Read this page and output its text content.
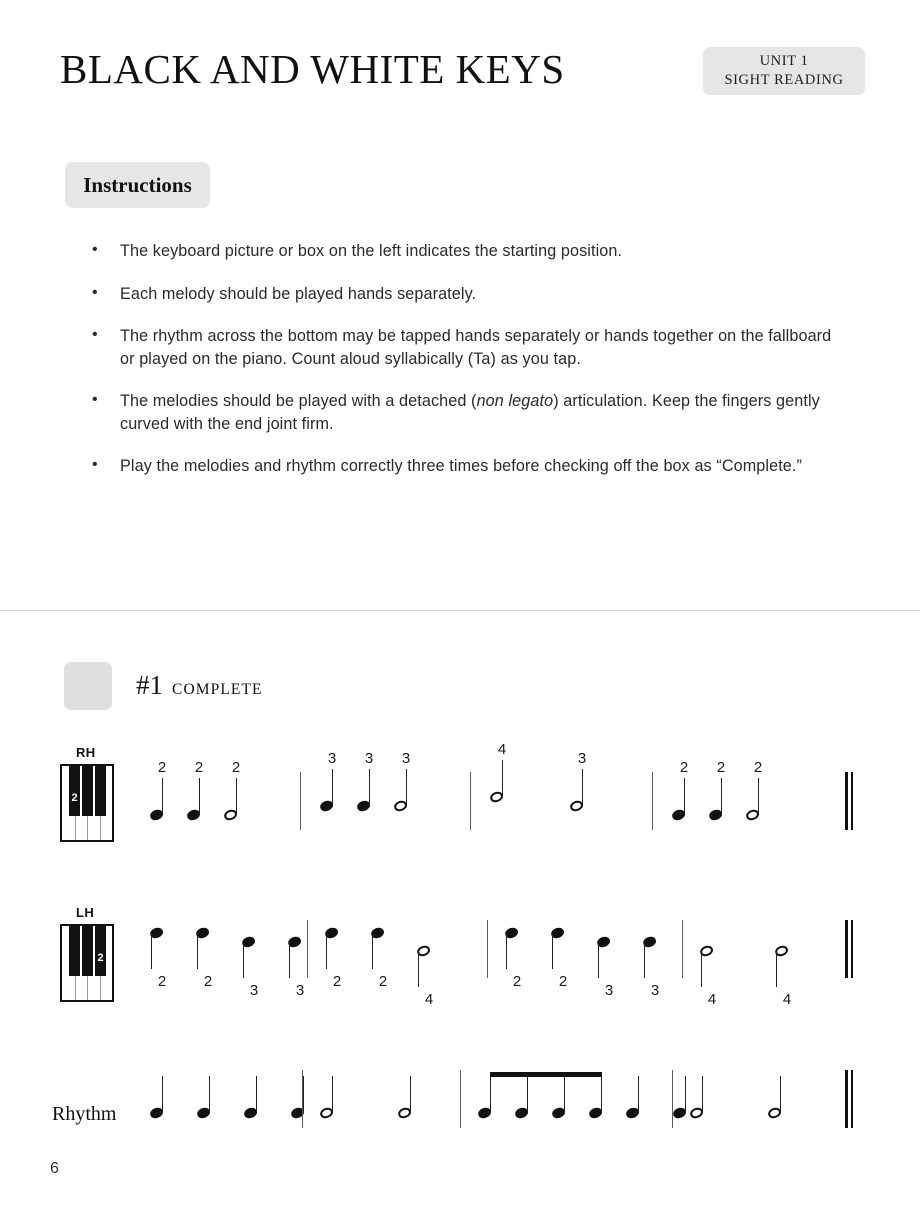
BLACK AND WHITE KEYS	UNIT 1
SIGHT READING
Instructions
• The keyboard picture or box on the left indicates the starting position.
• Each melody should be played hands separately.
• The rhythm across the bottom may be tapped hands separately or hands together on the fallboard or played on the piano. Count aloud syllabically (Ta) as you tap.
• The melodies should be played with a detached (non legato) articulation. Keep the fingers gently curved with the end joint firm.
• Play the melodies and rhythm correctly three times before checking off the box as “Complete.”
#1 COMPLETE
RH
2
2 2 2
3 3 3
4
3
2 2 2
LH
2
2	2
3	3
2	2
4
2	2
3	3
4	4
Rhythm
6
